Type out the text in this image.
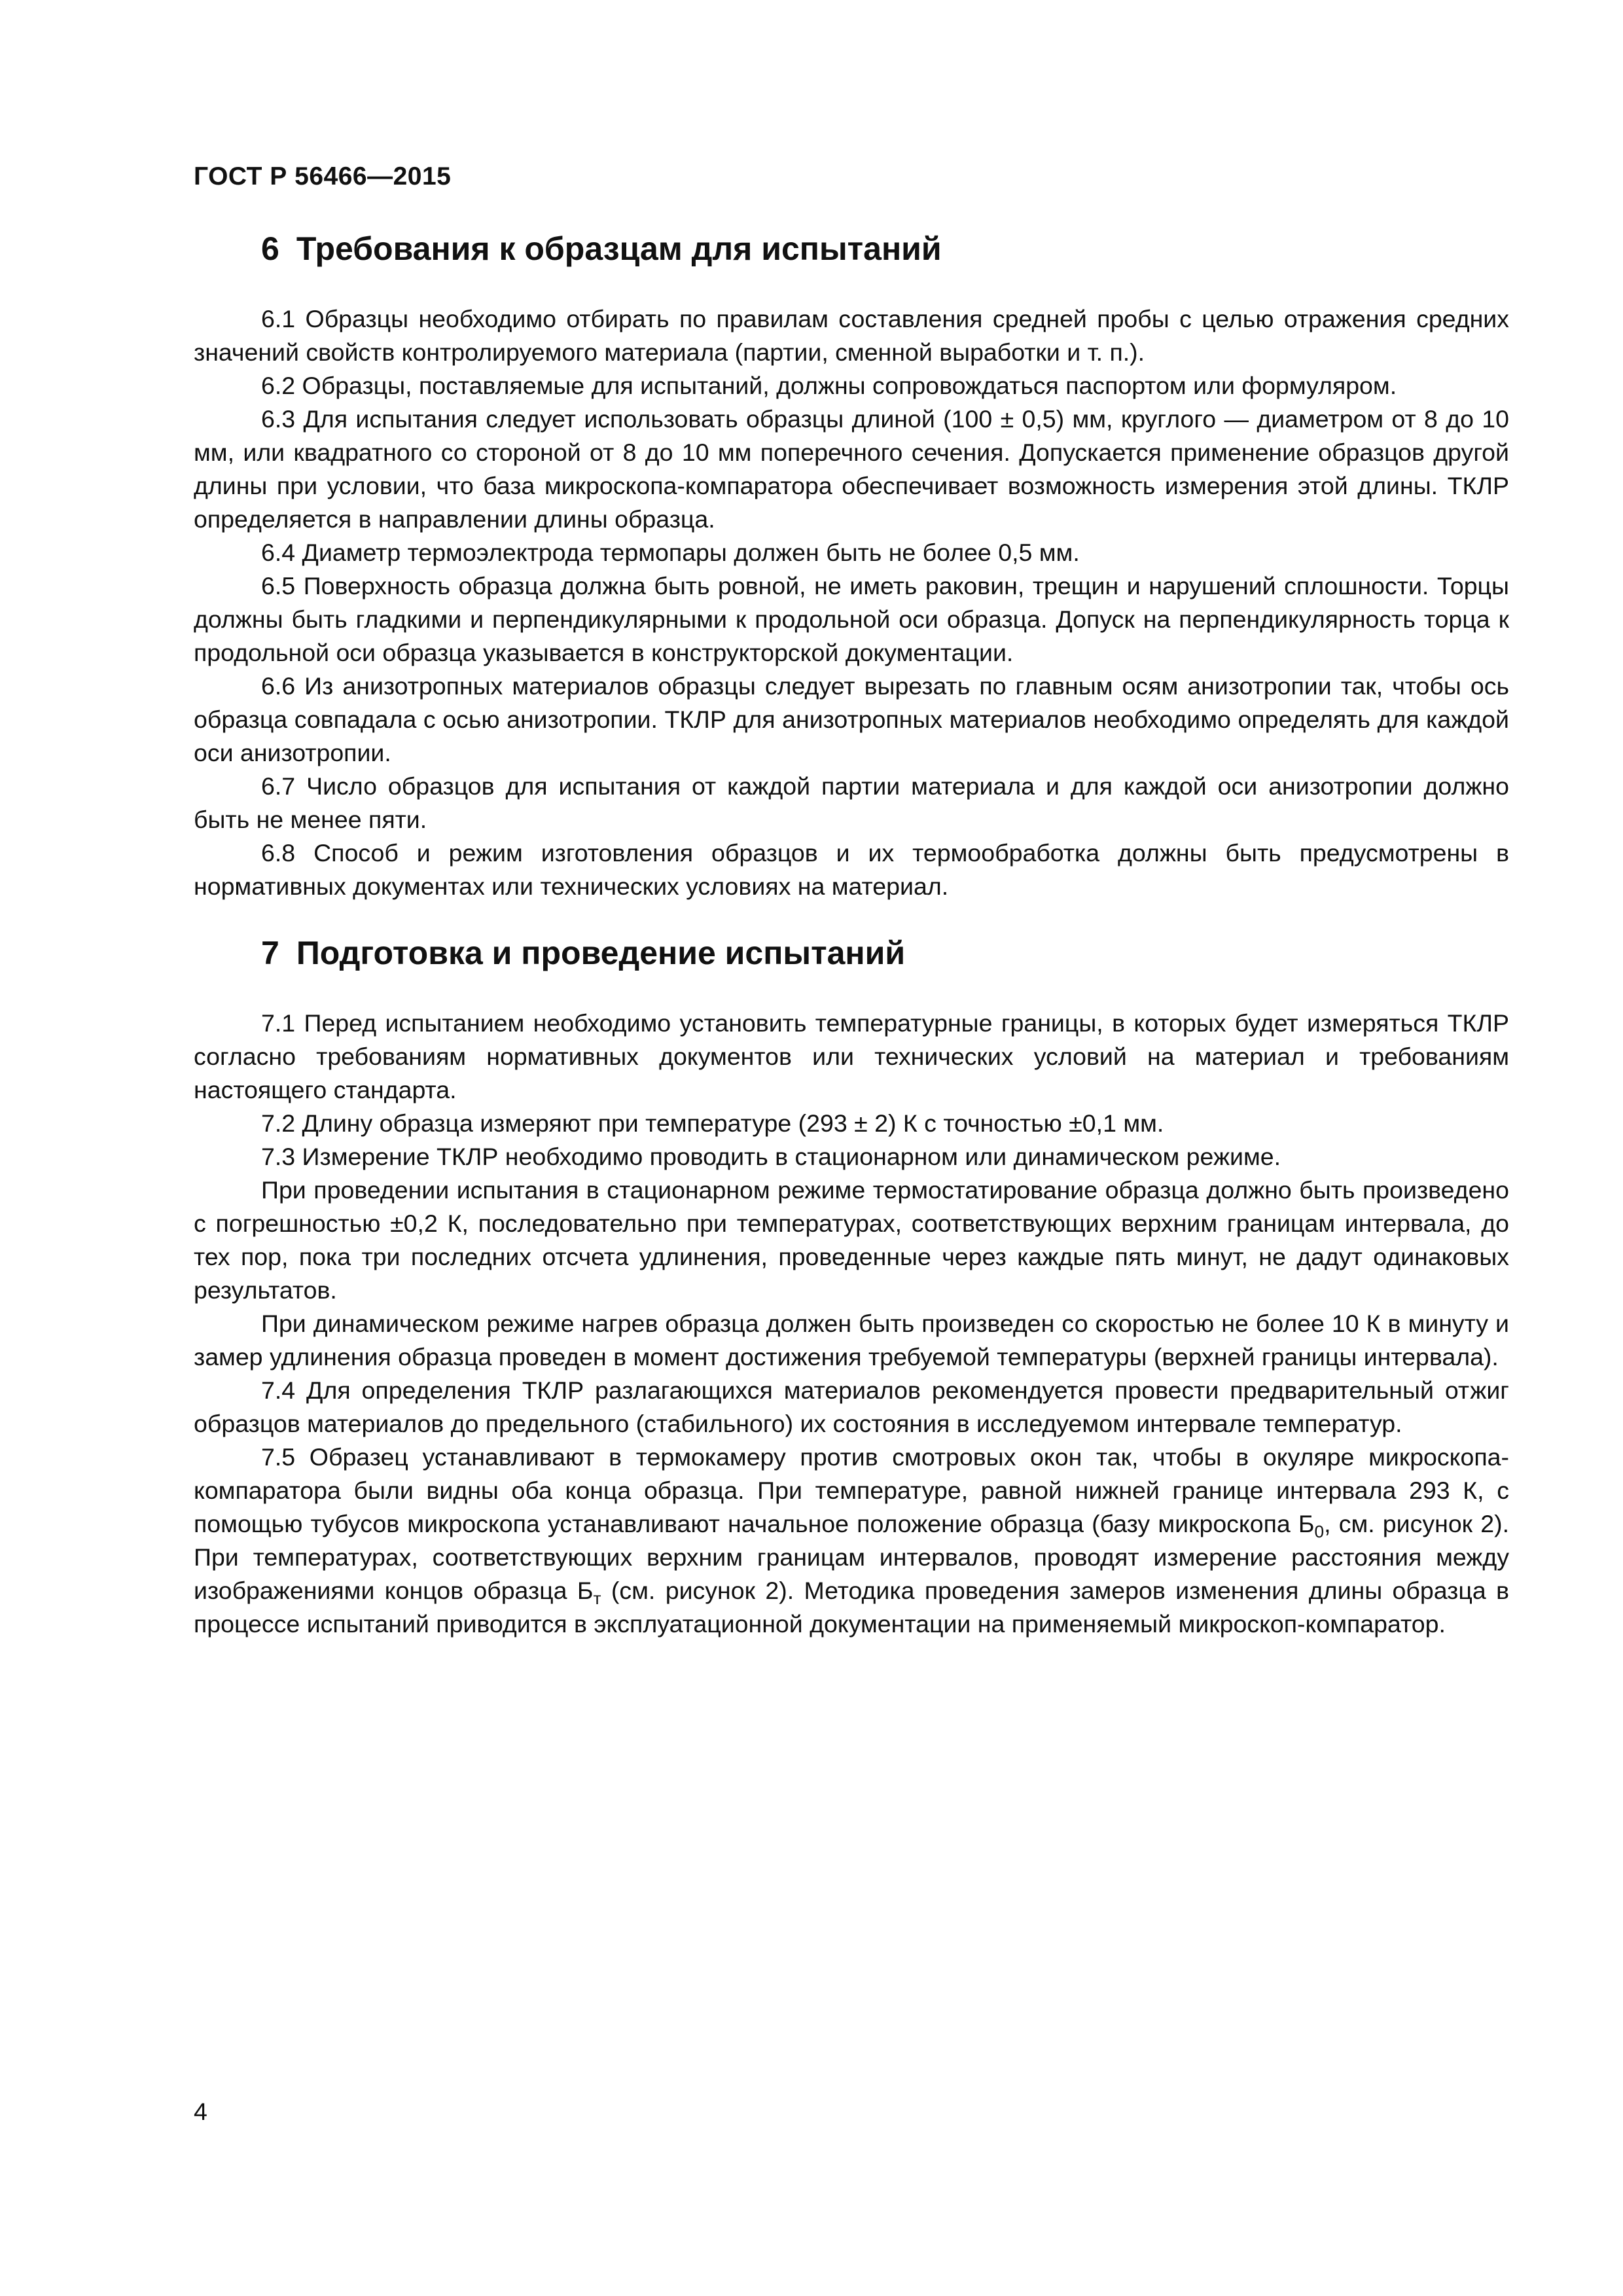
ГОСТ Р 56466—2015
6 Требования к образцам для испытаний

6.1 Образцы необходимо отбирать по правилам составления средней пробы с целью отражения средних значений свойств контролируемого материала (партии, сменной выработки и т. п.).

6.2 Образцы, поставляемые для испытаний, должны сопровождаться паспортом или формуляром.

6.3 Для испытания следует использовать образцы длиной (100 ± 0,5) мм, круглого — диаметром от 8 до 10 мм, или квадратного со стороной от 8 до 10 мм поперечного сечения. Допускается применение образцов другой длины при условии, что база микроскопа-компаратора обеспечивает возможность измерения этой длины. ТКЛР определяется в направлении длины образца.

6.4 Диаметр термоэлектрода термопары должен быть не более 0,5 мм.

6.5 Поверхность образца должна быть ровной, не иметь раковин, трещин и нарушений сплошности. Торцы должны быть гладкими и перпендикулярными к продольной оси образца. Допуск на перпендикулярность торца к продольной оси образца указывается в конструкторской документации.

6.6 Из анизотропных материалов образцы следует вырезать по главным осям анизотропии так, чтобы ось образца совпадала с осью анизотропии. ТКЛР для анизотропных материалов необходимо определять для каждой оси анизотропии.

6.7 Число образцов для испытания от каждой партии материала и для каждой оси анизотропии должно быть не менее пяти.

6.8 Способ и режим изготовления образцов и их термообработка должны быть предусмотрены в нормативных документах или технических условиях на материал.

7 Подготовка и проведение испытаний

7.1 Перед испытанием необходимо установить температурные границы, в которых будет измеряться ТКЛР согласно требованиям нормативных документов или технических условий на материал и требованиям настоящего стандарта.

7.2 Длину образца измеряют при температуре (293 ± 2) К с точностью ±0,1 мм.

7.3 Измерение ТКЛР необходимо проводить в стационарном или динамическом режиме.

При проведении испытания в стационарном режиме термостатирование образца должно быть произведено с погрешностью ±0,2 К, последовательно при температурах, соответствующих верхним границам интервала, до тех пор, пока три последних отсчета удлинения, проведенные через каждые пять минут, не дадут одинаковых результатов.

При динамическом режиме нагрев образца должен быть произведен со скоростью не более 10 К в минуту и замер удлинения образца проведен в момент достижения требуемой температуры (верхней границы интервала).

7.4 Для определения ТКЛР разлагающихся материалов рекомендуется провести предварительный отжиг образцов материалов до предельного (стабильного) их состояния в исследуемом интервале температур.

7.5 Образец устанавливают в термокамеру против смотровых окон так, чтобы в окуляре микроскопа-компаратора были видны оба конца образца. При температуре, равной нижней границе интервала 293 К, с помощью тубусов микроскопа устанавливают начальное положение образца (базу микроскопа $Б_0$, см. рисунок 2). При температурах, соответствующих верхним границам интервалов, проводят измерение расстояния между изображениями концов образца $Б_т$ (см. рисунок 2). Методика проведения замеров изменения длины образца в процессе испытаний приводится в эксплуатационной документации на применяемый микроскоп-компаратор.

4
